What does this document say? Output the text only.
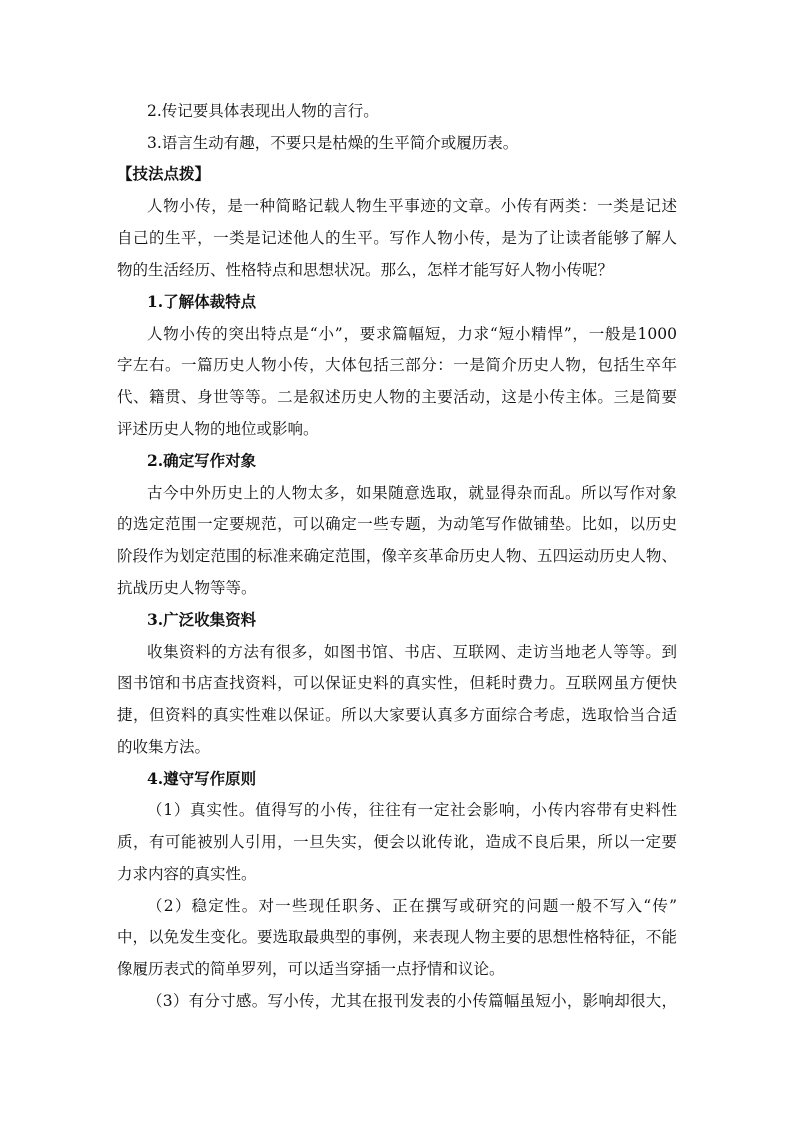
2.传记要具体表现出人物的言行。
3.语言生动有趣，不要只是枯燥的生平简介或履历表。
【技法点拨】
人物小传，是一种简略记载人物生平事迹的文章。小传有两类：一类是记述
自己的生平，一类是记述他人的生平。写作人物小传，是为了让读者能够了解人
物的生活经历、性格特点和思想状况。那么，怎样才能写好人物小传呢？
1.了解体裁特点
人物小传的突出特点是“小”，要求篇幅短，力求“短小精悍”，一般是1000
字左右。一篇历史人物小传，大体包括三部分：一是简介历史人物，包括生卒年
代、籍贯、身世等等。二是叙述历史人物的主要活动，这是小传主体。三是简要
评述历史人物的地位或影响。
2.确定写作对象
古今中外历史上的人物太多，如果随意选取，就显得杂而乱。所以写作对象
的选定范围一定要规范，可以确定一些专题，为动笔写作做铺垫。比如，以历史
阶段作为划定范围的标准来确定范围，像辛亥革命历史人物、五四运动历史人物、
抗战历史人物等等。
3.广泛收集资料
收集资料的方法有很多，如图书馆、书店、互联网、走访当地老人等等。到
图书馆和书店查找资料，可以保证史料的真实性，但耗时费力。互联网虽方便快
捷，但资料的真实性难以保证。所以大家要认真多方面综合考虑，选取恰当合适
的收集方法。
4.遵守写作原则
（1）真实性。值得写的小传，往往有一定社会影响，小传内容带有史料性
质，有可能被别人引用，一旦失实，便会以讹传讹，造成不良后果，所以一定要
力求内容的真实性。
（2）稳定性。对一些现任职务、正在撰写或研究的问题一般不写入“传”
中，以免发生变化。要选取最典型的事例，来表现人物主要的思想性格特征，不能
像履历表式的简单罗列，可以适当穿插一点抒情和议论。
（3）有分寸感。写小传，尤其在报刊发表的小传篇幅虽短小，影响却很大，
